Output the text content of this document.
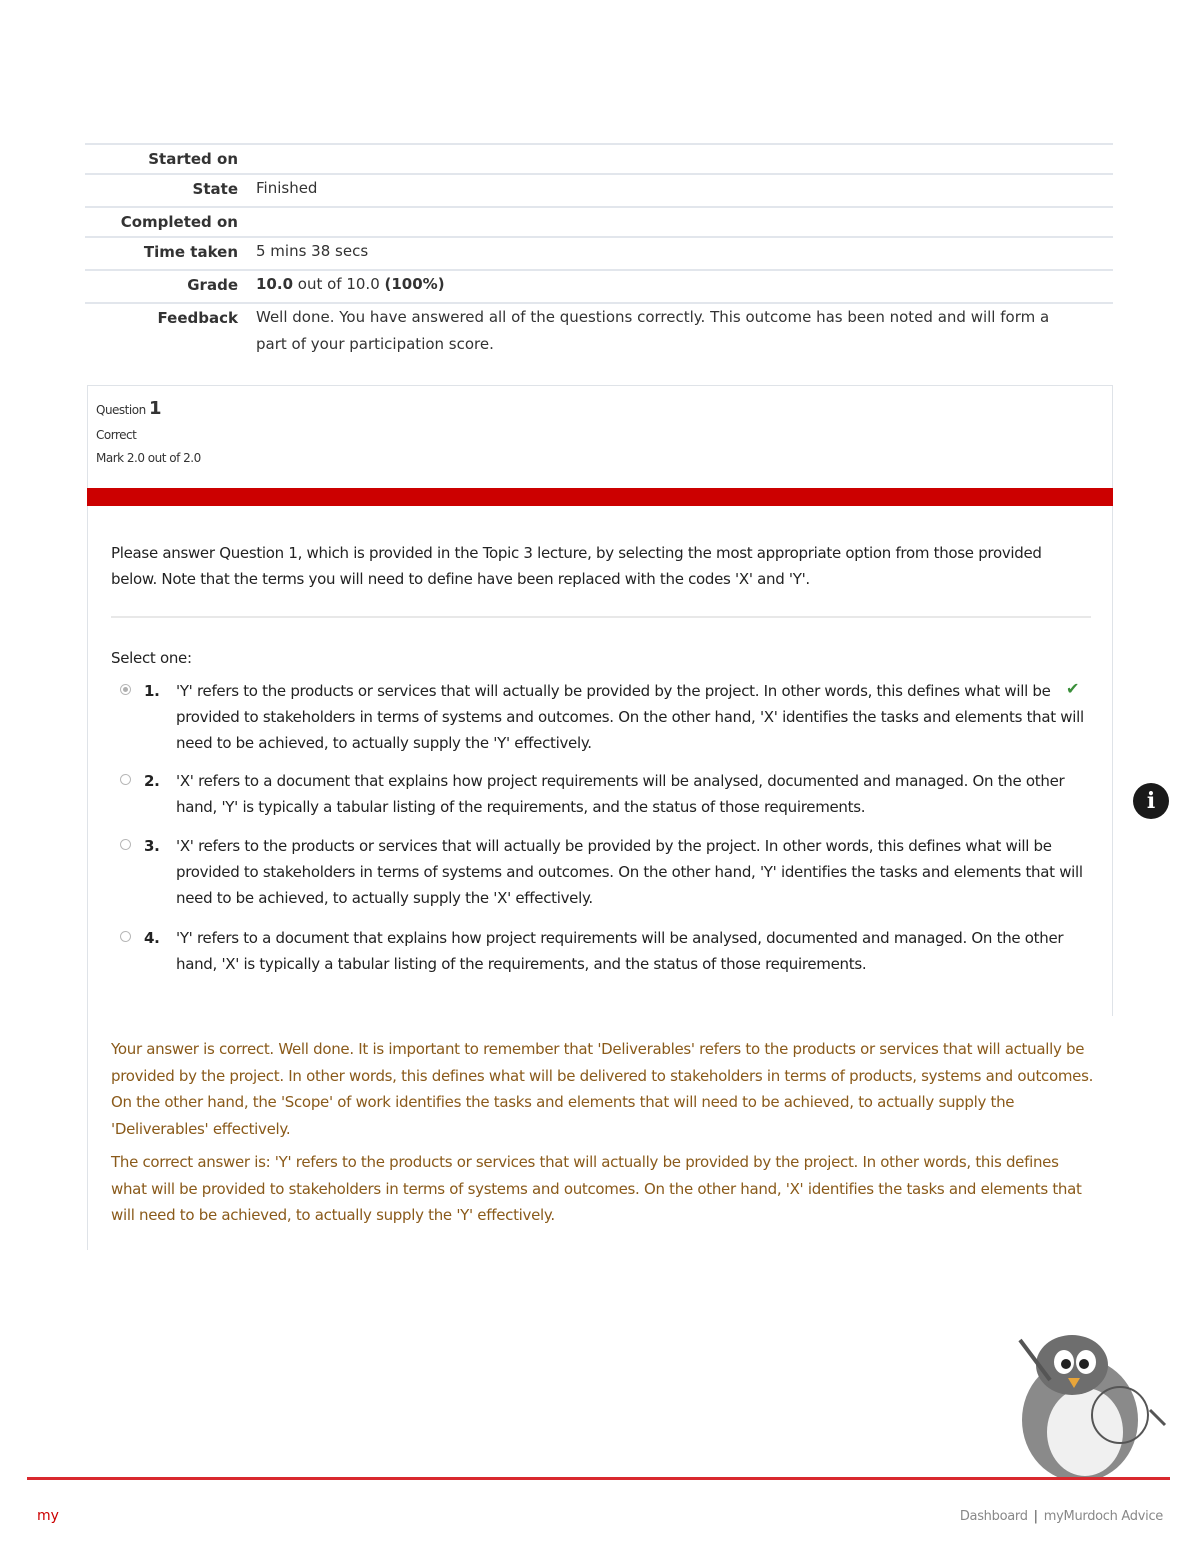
Started on
State	Finished
Completed on
Time taken	5 mins 38 secs
Grade	10.0 out of 10.0 (100%)
Feedback	Well done. You have answered all of the questions correctly. This outcome has been noted and will form a part of your participation score.
Question 1
Correct
Mark 2.0 out of 2.0
Please answer Question 1, which is provided in the Topic 3 lecture, by selecting the most appropriate option from those provided below. Note that the terms you will need to define have been replaced with the codes 'X' and 'Y'.
Select one:
1. 'Y' refers to the products or services that will actually be provided by the project. In other words, this defines what will be provided to stakeholders in terms of systems and outcomes. On the other hand, 'X' identifies the tasks and elements that will need to be achieved, to actually supply the 'Y' effectively.
✔
2. 'X' refers to a document that explains how project requirements will be analysed, documented and managed. On the other hand, 'Y' is typically a tabular listing of the requirements, and the status of those requirements.
3. 'X' refers to the products or services that will actually be provided by the project. In other words, this defines what will be provided to stakeholders in terms of systems and outcomes. On the other hand, 'Y' identifies the tasks and elements that will need to be achieved, to actually supply the 'X' effectively.
4. 'Y' refers to a document that explains how project requirements will be analysed, documented and managed. On the other hand, 'X' is typically a tabular listing of the requirements, and the status of those requirements.

Your answer is correct. Well done. It is important to remember that 'Deliverables' refers to the products or services that will actually be provided by the project. In other words, this defines what will be delivered to stakeholders in terms of products, systems and outcomes. On the other hand, the 'Scope' of work identifies the tasks and elements that will need to be achieved, to actually supply the 'Deliverables' effectively.

The correct answer is: 'Y' refers to the products or services that will actually be provided by the project. In other words, this defines what will be provided to stakeholders in terms of systems and outcomes. On the other hand, 'X' identifies the tasks and elements that will need to be achieved, to actually supply the 'Y' effectively.

i
my	Dashboard | myMurdoch Advice
